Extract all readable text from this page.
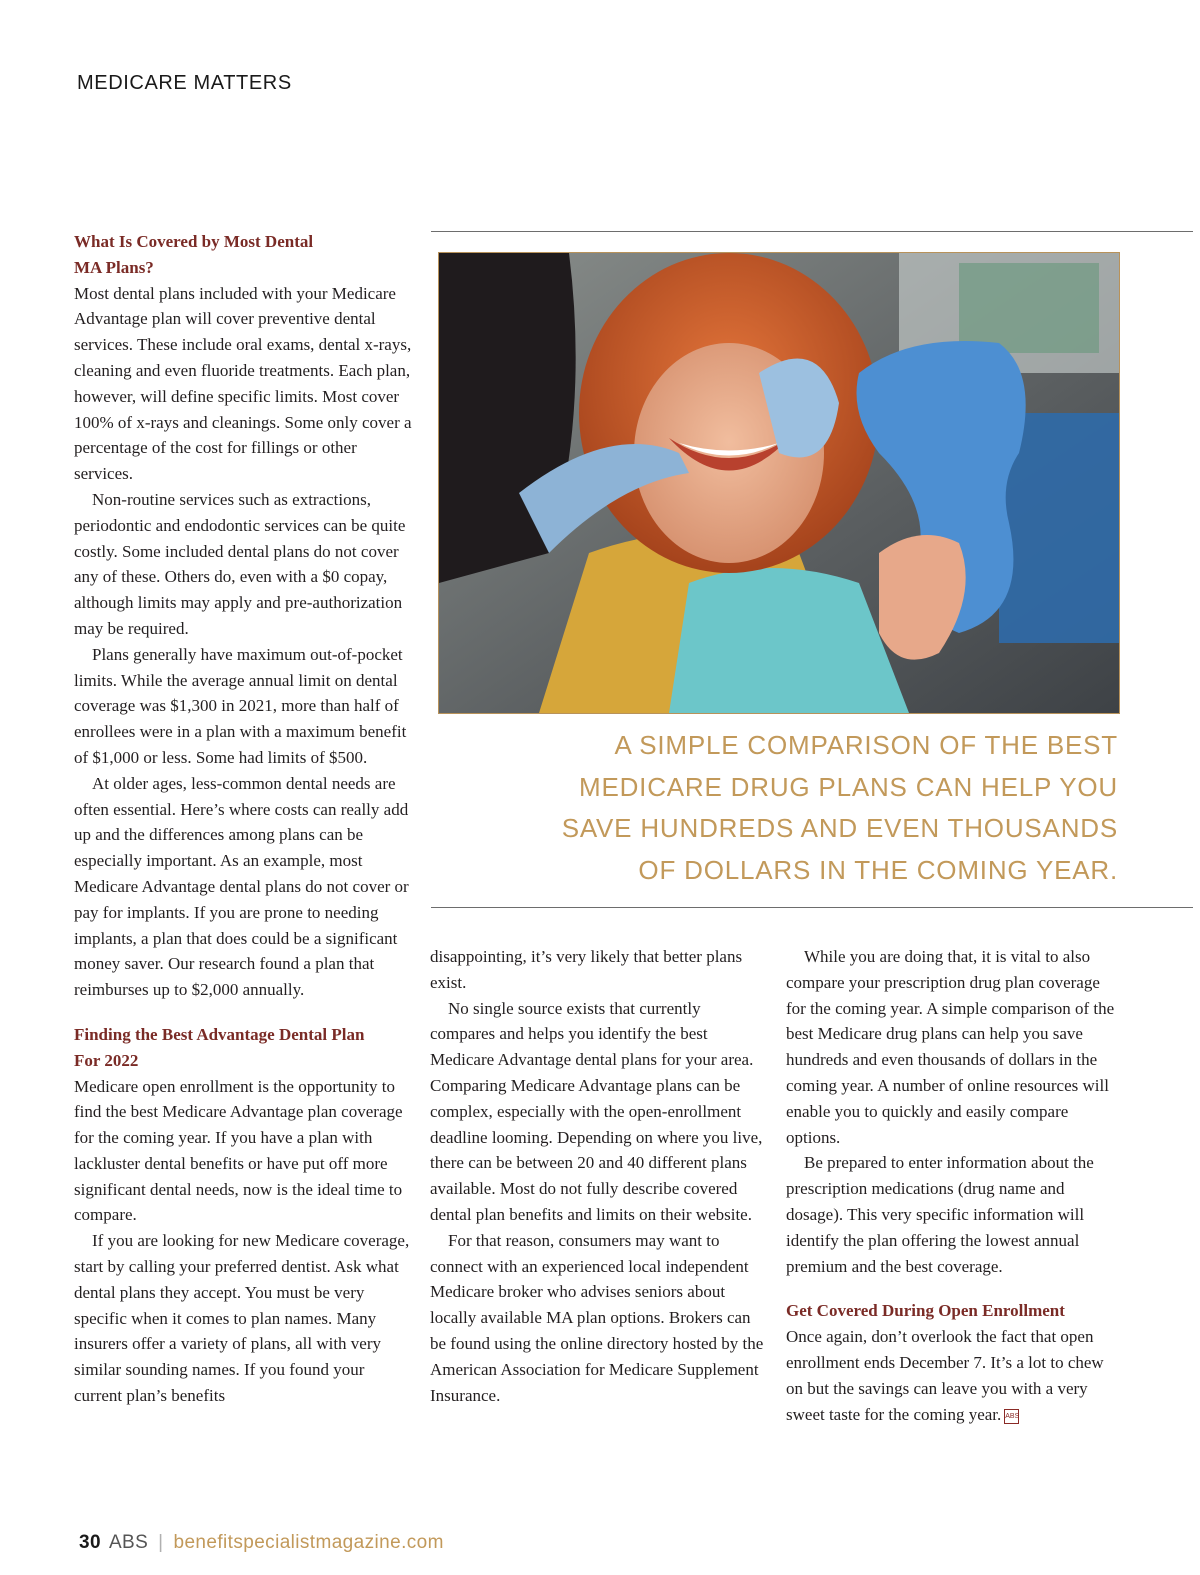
MEDICARE MATTERS
What Is Covered by Most Dental
MA Plans?

Most dental plans included with your Medicare Advantage plan will cover preventive dental services. These include oral exams, dental x-rays, cleaning and even fluoride treatments. Each plan, however, will define specific limits. Most cover 100% of x-rays and cleanings. Some only cover a percentage of the cost for fillings or other services.

Non-routine services such as extractions, periodontic and endodontic services can be quite costly. Some included dental plans do not cover any of these. Others do, even with a $0 copay, although limits may apply and pre-authorization may be required.

Plans generally have maximum out-of-pocket limits. While the average annual limit on dental coverage was $1,300 in 2021, more than half of enrollees were in a plan with a maximum benefit of $1,000 or less. Some had limits of $500.

At older ages, less-common dental needs are often essential. Here’s where costs can really add up and the differences among plans can be especially important. As an example, most Medicare Advantage dental plans do not cover or pay for implants. If you are prone to needing implants, a plan that does could be a significant money saver. Our research found a plan that reimburses up to $2,000 annually.

Finding the Best Advantage Dental Plan
For 2022

Medicare open enrollment is the opportunity to find the best Medicare Advantage plan coverage for the coming year. If you have a plan with lackluster dental benefits or have put off more significant dental needs, now is the ideal time to compare.

If you are looking for new Medicare coverage, start by calling your preferred dentist. Ask what dental plans they accept. You must be very specific when it comes to plan names. Many insurers offer a variety of plans, all with very similar sounding names. If you found your current plan’s benefits

A SIMPLE COMPARISON OF THE BEST
MEDICARE DRUG PLANS CAN HELP YOU
SAVE HUNDREDS AND EVEN THOUSANDS
OF DOLLARS IN THE COMING YEAR.

disappointing, it’s very likely that better plans exist.

No single source exists that currently compares and helps you identify the best Medicare Advantage dental plans for your area. Comparing Medicare Advantage plans can be complex, especially with the open-enrollment deadline looming. Depending on where you live, there can be between 20 and 40 different plans available. Most do not fully describe covered dental plan benefits and limits on their website.

For that reason, consumers may want to connect with an experienced local independent Medicare broker who advises seniors about locally available MA plan options. Brokers can be found using the online directory hosted by the American Association for Medicare Supplement Insurance.

While you are doing that, it is vital to also compare your prescription drug plan coverage for the coming year. A simple comparison of the best Medicare drug plans can help you save hundreds and even thousands of dollars in the coming year. A number of online resources will enable you to quickly and easily compare options.

Be prepared to enter information about the prescription medications (drug name and dosage). This very specific information will identify the plan offering the lowest annual premium and the best coverage.

Get Covered During Open Enrollment

Once again, don’t overlook the fact that open enrollment ends December 7. It’s a lot to chew on but the savings can leave you with a very sweet taste for the coming year. ABS

30 ABS | benefitspecialistmagazine.com
